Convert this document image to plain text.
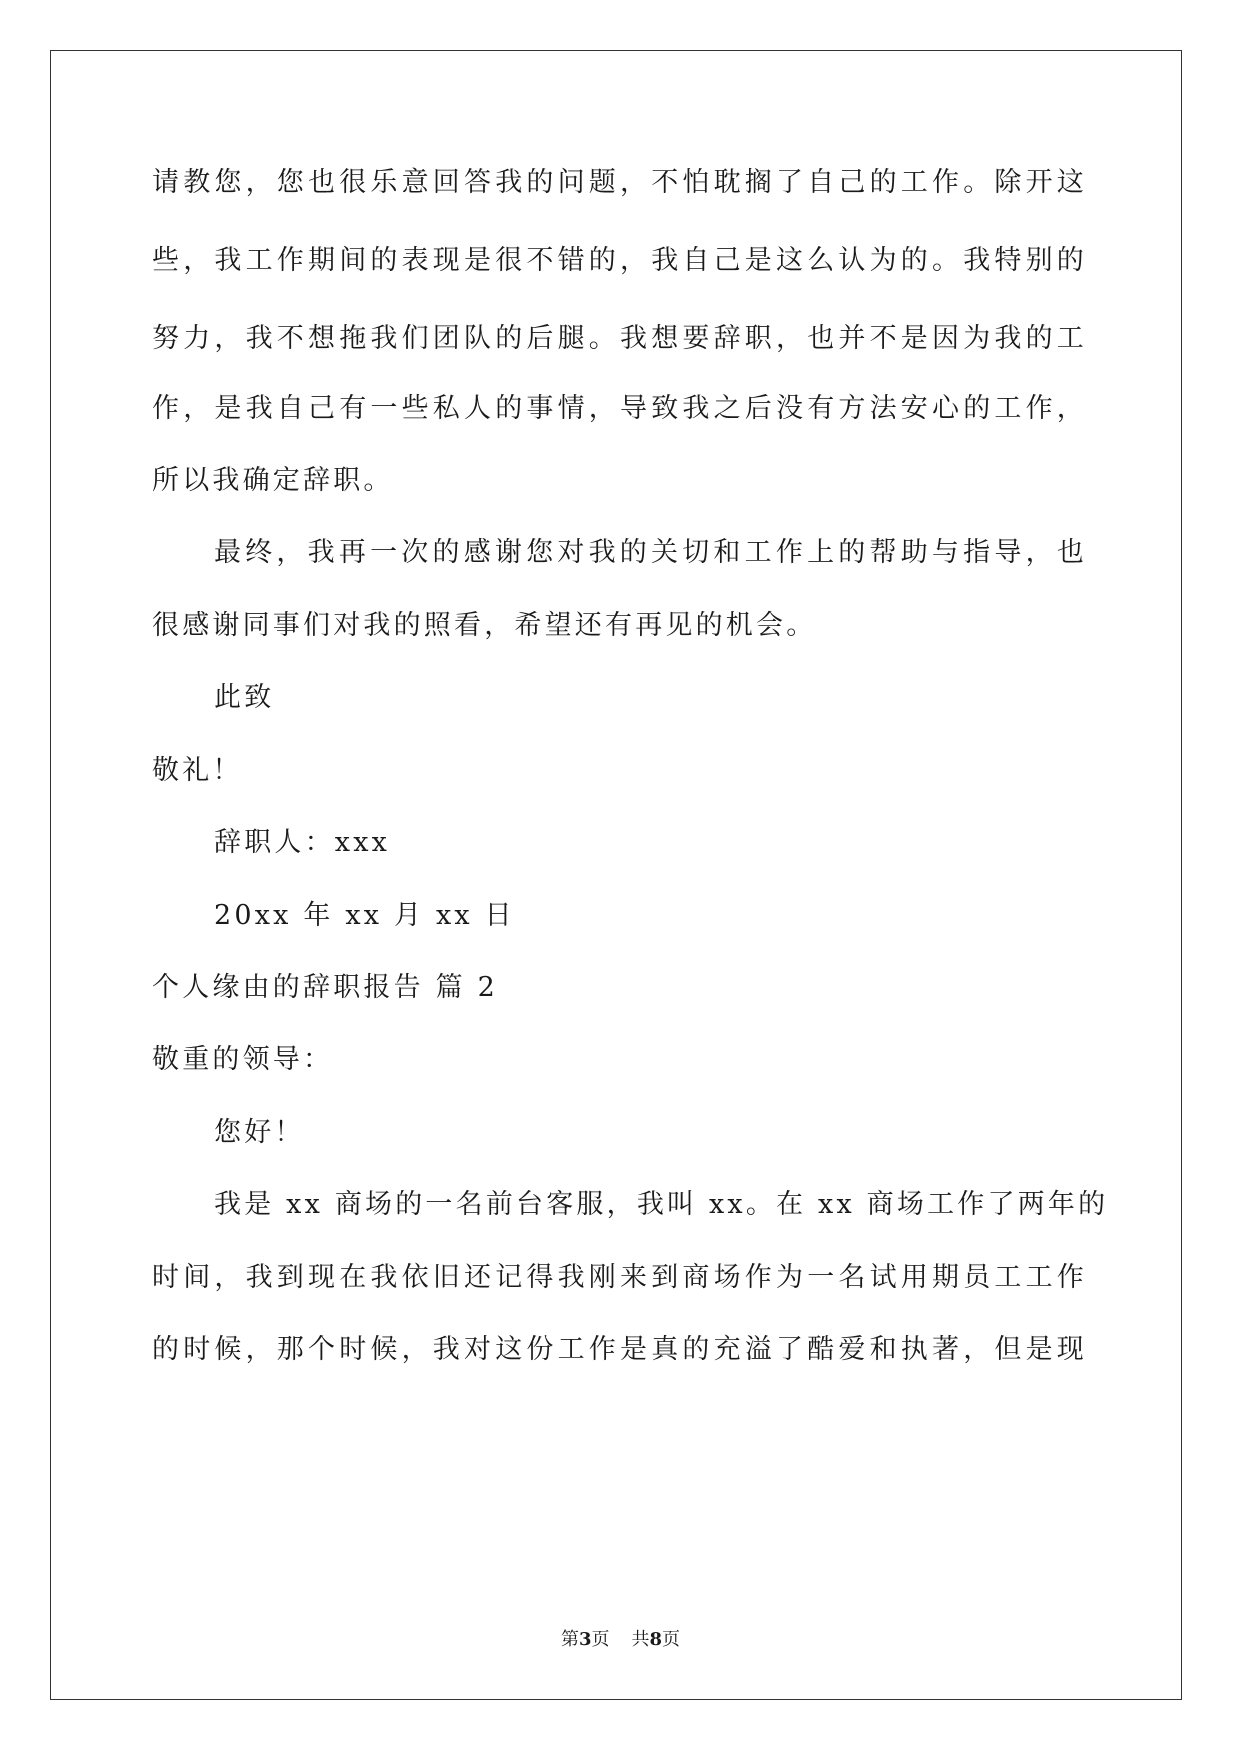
请教您，您也很乐意回答我的问题，不怕耽搁了自己的工作。除开这
些，我工作期间的表现是很不错的，我自己是这么认为的。我特别的
努力，我不想拖我们团队的后腿。我想要辞职，也并不是因为我的工
作，是我自己有一些私人的事情，导致我之后没有方法安心的工作，
所以我确定辞职。
最终，我再一次的感谢您对我的关切和工作上的帮助与指导，也
很感谢同事们对我的照看，希望还有再见的机会。
此致
敬礼！
辞职人：xxx
20xx 年 xx 月 xx 日
个人缘由的辞职报告 篇 2
敬重的领导：
您好！
我是 xx 商场的一名前台客服，我叫 xx。在 xx 商场工作了两年的
时间，我到现在我依旧还记得我刚来到商场作为一名试用期员工工作
的时候，那个时候，我对这份工作是真的充溢了酷爱和执著，但是现
第3页 共8页
